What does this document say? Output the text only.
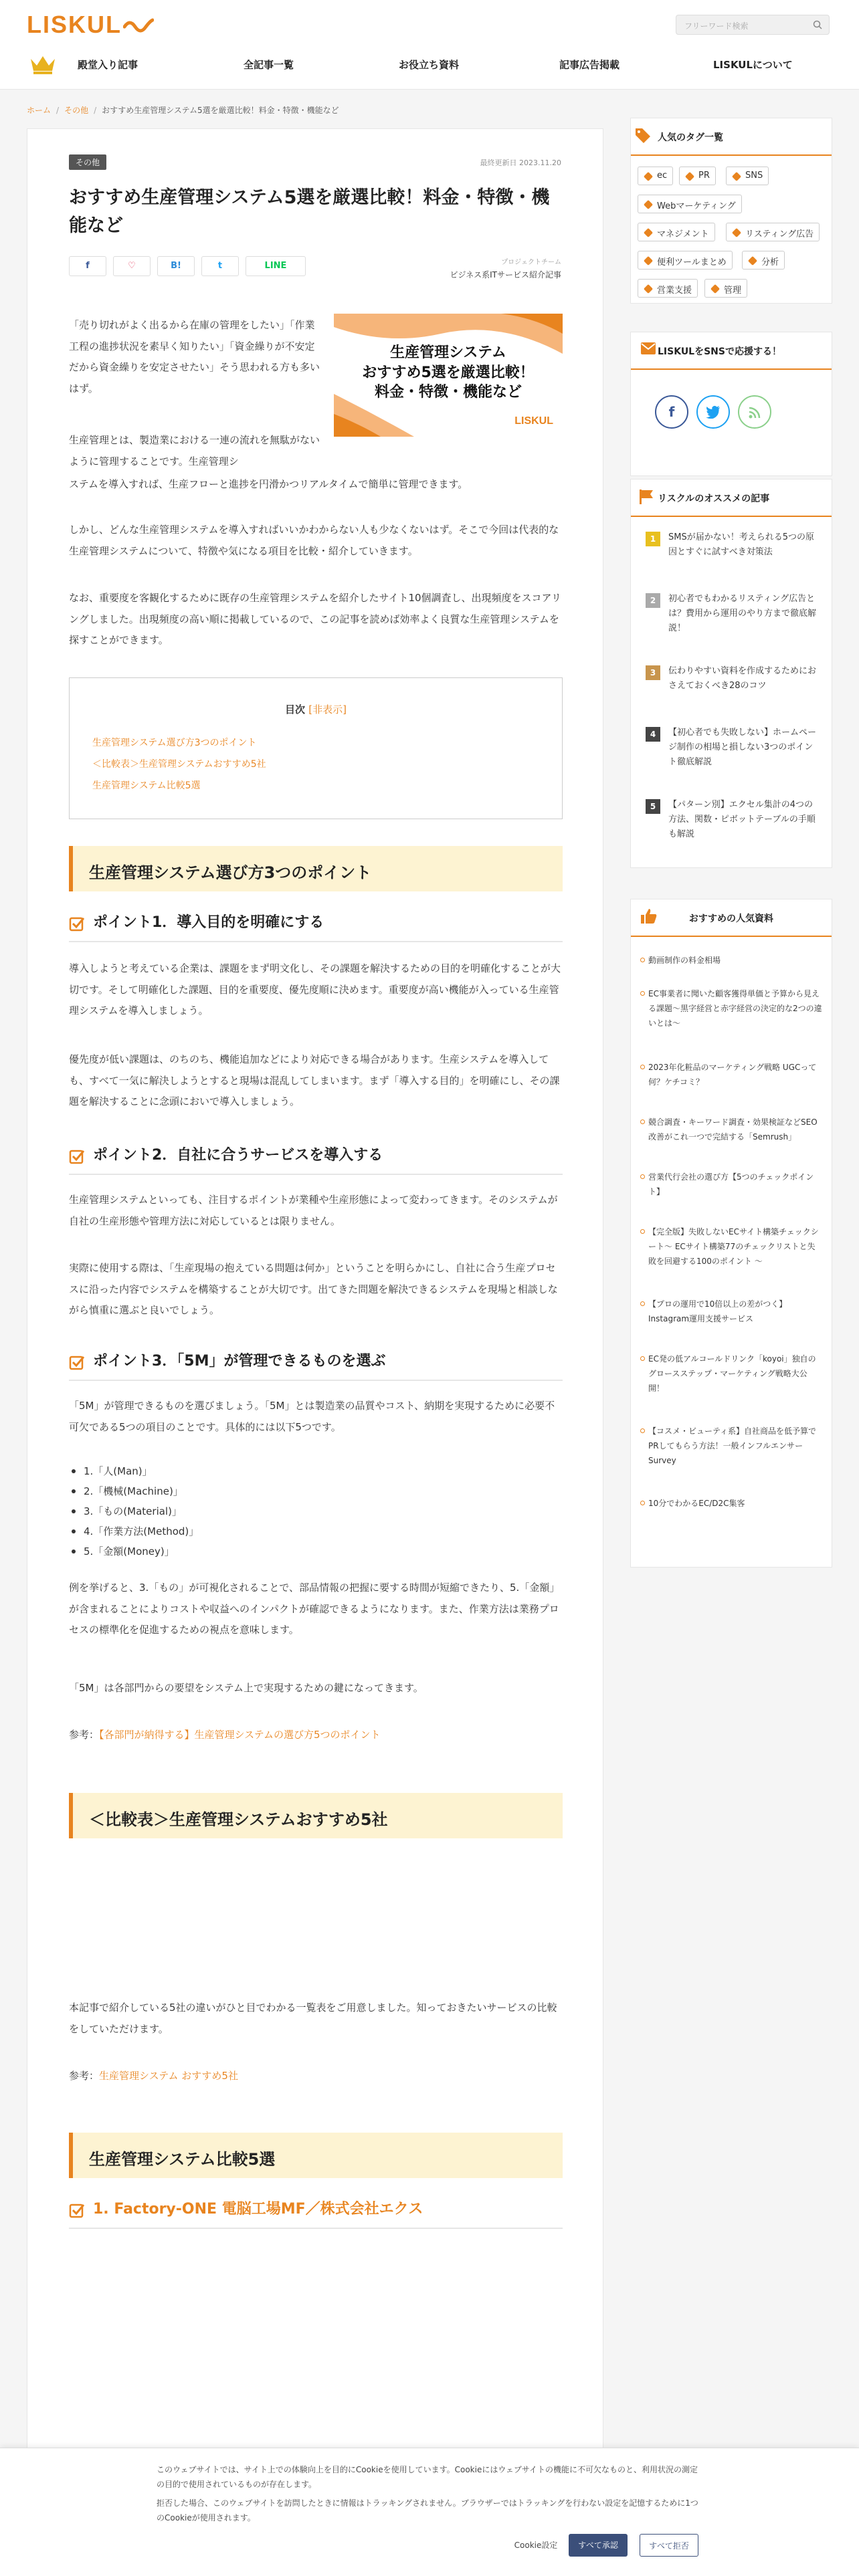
LISKUL	フリーワード検索
殿堂入り記事	全記事一覧	お役立ち資料	記事広告掲載	LISKULについて
ホーム / その他 / おすすめ生産管理システム5選を厳選比較！料金・特徴・機能など
その他	最終更新日 2023.11.20
おすすめ生産管理システム5選を厳選比較！料金・特徴・機能など
f	♡	B!	t	LINE	プロジェクトチーム
ビジネス系ITサービス紹介記事
生産管理システム
おすすめ5選を厳選比較！
料金・特徴・機能など
LISKUL

「売り切れがよく出るから在庫の管理をしたい」「作業工程の進捗状況を素早く知りたい」「資金繰りが不安定だから資金繰りを安定させたい」そう思われる方も多いはず。

生産管理とは、製造業における一連の流れを無駄がないように管理することです。生産管理シ

ステムを導入すれば、生産フローと進捗を円滑かつリアルタイムで簡単に管理できます。

しかし、どんな生産管理システムを導入すればいいかわからない人も少なくないはず。そこで今回は代表的な生産管理システムについて、特徴や気になる項目を比較・紹介していきます。

なお、重要度を客観化するために既存の生産管理システムを紹介したサイト10個調査し、出現頻度をスコアリングしました。出現頻度の高い順に掲載しているので、この記事を読めば効率よく良質な生産管理システムを探すことができます。

目次 [非表示]
生産管理システム選び方3つのポイント
＜比較表＞生産管理システムおすすめ5社
生産管理システム比較5選
生産管理システム選び方3つのポイント
ポイント1．導入目的を明確にする

導入しようと考えている企業は、課題をまず明文化し、その課題を解決するための目的を明確化することが大切です。そして明確化した課題、目的を重要度、優先度順に決めます。重要度が高い機能が入っている生産管理システムを導入しましょう。

優先度が低い課題は、のちのち、機能追加などにより対応できる場合があります。生産システムを導入しても、すべて一気に解決しようとすると現場は混乱してしまいます。まず「導入する目的」を明確にし、その課題を解決することに念頭においで導入しましょう。

ポイント2．自社に合うサービスを導入する

生産管理システムといっても、注目するポイントが業種や生産形態によって変わってきます。そのシステムが自社の生産形態や管理方法に対応しているとは限りません。

実際に使用する際は、「生産現場の抱えている問題は何か」ということを明らかにし、自社に合う生産プロセスに沿った内容でシステムを構築することが大切です。出てきた問題を解決できるシステムを現場と相談しながら慎重に選ぶと良いでしょう。

ポイント3．「5M」が管理できるものを選ぶ

「5M」が管理できるものを選びましょう。「5M」とは製造業の品質やコスト、納期を実現するために必要不可欠である5つの項目のことです。具体的には以下5つです。

1.「人(Man)」
2.「機械(Machine)」
3.「もの(Material)」
4.「作業方法(Method)」
5.「金額(Money)」

例を挙げると、3.「もの」が可視化されることで、部品情報の把握に要する時間が短縮できたり、5.「金額」が含まれることによりコストや収益へのインパクトが確認できるようになります。また、作業方法は業務プロセスの標準化を促進するための視点を意味します。

「5M」は各部門からの要望をシステム上で実現するための鍵になってきます。

参考：【各部門が納得する】生産管理システムの選び方5つのポイント

＜比較表＞生産管理システムおすすめ5社

本記事で紹介している5社の違いがひと目でわかる一覧表をご用意しました。知っておきたいサービスの比較をしていただけます。

参考：生産管理システム おすすめ5社

生産管理システム比較5選
1. Factory-ONE 電脳工場MF／株式会社エクス
人気のタグ一覧
ec	PR	SNS
Webマーケティング
マネジメント	リスティング広告
便利ツールまとめ	分析
営業支援	管理
LISKULをSNSで応援する！
f
リスクルのオススメの記事
1	SMSが届かない！考えられる5つの原因とすぐに試すべき対策法
2	初心者でもわかるリスティング広告とは？費用から運用のやり方まで徹底解説！
3	伝わりやすい資料を作成するためにおさえておくべき28のコツ
4	【初心者でも失敗しない】ホームページ制作の相場と損しない3つのポイント徹底解説
5	【パターン別】エクセル集計の4つの方法、関数・ピボットテーブルの手順も解説
おすすめの人気資料
動画制作の料金相場
EC事業者に聞いた顧客獲得単価と予算から見える課題〜黒字経営と赤字経営の決定的な2つの違いとは〜
2023年化粧品のマーケティング戦略 UGCって何？ケチコミ？
競合調査・キーワード調査・効果検証などSEO改善がこれ一つで完結する「Semrush」
営業代行会社の選び方【5つのチェックポイント】
【完全版】失敗しないECサイト構築チェックシート〜 ECサイト構築77のチェックリストと失敗を回避する100のポイント 〜
【プロの運用で10倍以上の差がつく】Instagram運用支援サービス
EC発の低アルコールドリンク「koyoi」独自のグロースステップ・マーケティング戦略大公開！
【コスメ・ビューティ系】自社商品を低予算でPRしてもらう方法！一般インフルエンサーSurvey
10分でわかるEC/D2C集客

このウェブサイトでは、サイト上での体験向上を目的にCookieを使用しています。Cookieにはウェブサイトの機能に不可欠なものと、利用状況の測定の目的で使用されているものが存在します。

拒否した場合、このウェブサイトを訪問したときに情報はトラッキングされません。ブラウザーではトラッキングを行わない設定を記憶するために1つのCookieが使用されます。

Cookie設定	すべて承認	すべて拒否
